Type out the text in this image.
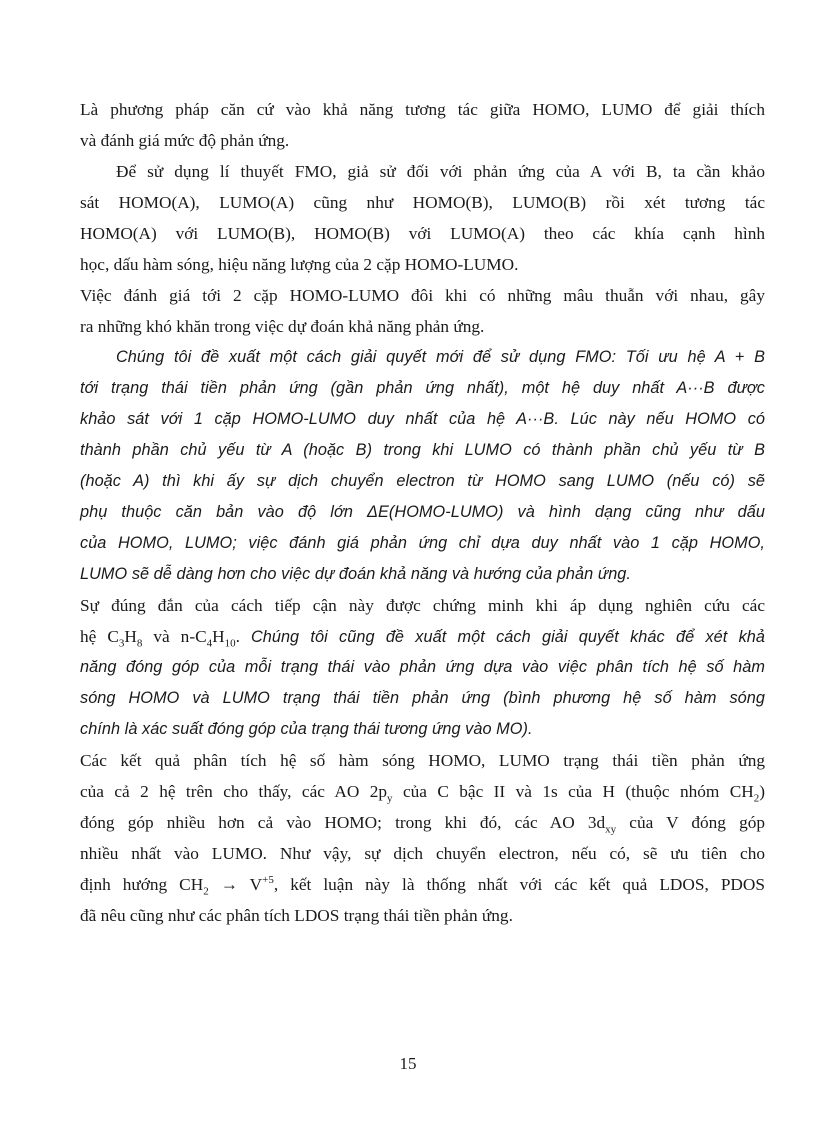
Là phương pháp căn cứ vào khả năng tương tác giữa HOMO, LUMO để giải thích
và đánh giá mức độ phản ứng.
Để sử dụng lí thuyết FMO, giả sử đối với phản ứng của A với B, ta cần khảo
sát HOMO(A), LUMO(A) cũng như HOMO(B), LUMO(B) rồi xét tương tác
HOMO(A) với LUMO(B), HOMO(B) với LUMO(A) theo các khía cạnh hình
học, dấu hàm sóng, hiệu năng lượng của 2 cặp HOMO-LUMO.
Việc đánh giá tới 2 cặp HOMO-LUMO đôi khi có những mâu thuẫn với nhau, gây
ra những khó khăn trong việc dự đoán khả năng phản ứng.
Chúng tôi đề xuất một cách giải quyết mới để sử dụng FMO: Tối ưu hệ A + B
tới trạng thái tiền phản ứng (gần phản ứng nhất), một hệ duy nhất A···B được
khảo sát với 1 cặp HOMO-LUMO duy nhất của hệ A···B. Lúc này nếu HOMO có
thành phần chủ yếu từ A (hoặc B) trong khi LUMO có thành phần chủ yếu từ B
(hoặc A) thì khi ấy sự dịch chuyển electron từ HOMO sang LUMO (nếu có) sẽ
phụ thuộc căn bản vào độ lớn ΔE(HOMO-LUMO) và hình dạng cũng như dấu
của HOMO, LUMO; việc đánh giá phản ứng chỉ dựa duy nhất vào 1 cặp HOMO,
LUMO sẽ dễ dàng hơn cho việc dự đoán khả năng và hướng của phản ứng.
Sự đúng đắn của cách tiếp cận này được chứng minh khi áp dụng nghiên cứu các
hệ $C_3H_8$ và $n-C_4H_{10}$. Chúng tôi cũng đề xuất một cách giải quyết khác để xét khả
năng đóng góp của mỗi trạng thái vào phản ứng dựa vào việc phân tích hệ số hàm
sóng HOMO và LUMO trạng thái tiền phản ứng (bình phương hệ số hàm sóng
chính là xác suất đóng góp của trạng thái tương ứng vào MO).
Các kết quả phân tích hệ số hàm sóng HOMO, LUMO trạng thái tiền phản ứng
của cả 2 hệ trên cho thấy, các AO $2p_y$ của C bậc II và 1s của H (thuộc nhóm $CH_2$)
đóng góp nhiều hơn cả vào HOMO; trong khi đó, các AO $3d_{xy}$ của V đóng góp
nhiều nhất vào LUMO. Như vậy, sự dịch chuyển electron, nếu có, sẽ ưu tiên cho
định hướng $CH_2 \to V^{+5}$, kết luận này là thống nhất với các kết quả LDOS, PDOS
đã nêu cũng như các phân tích LDOS trạng thái tiền phản ứng.
15
